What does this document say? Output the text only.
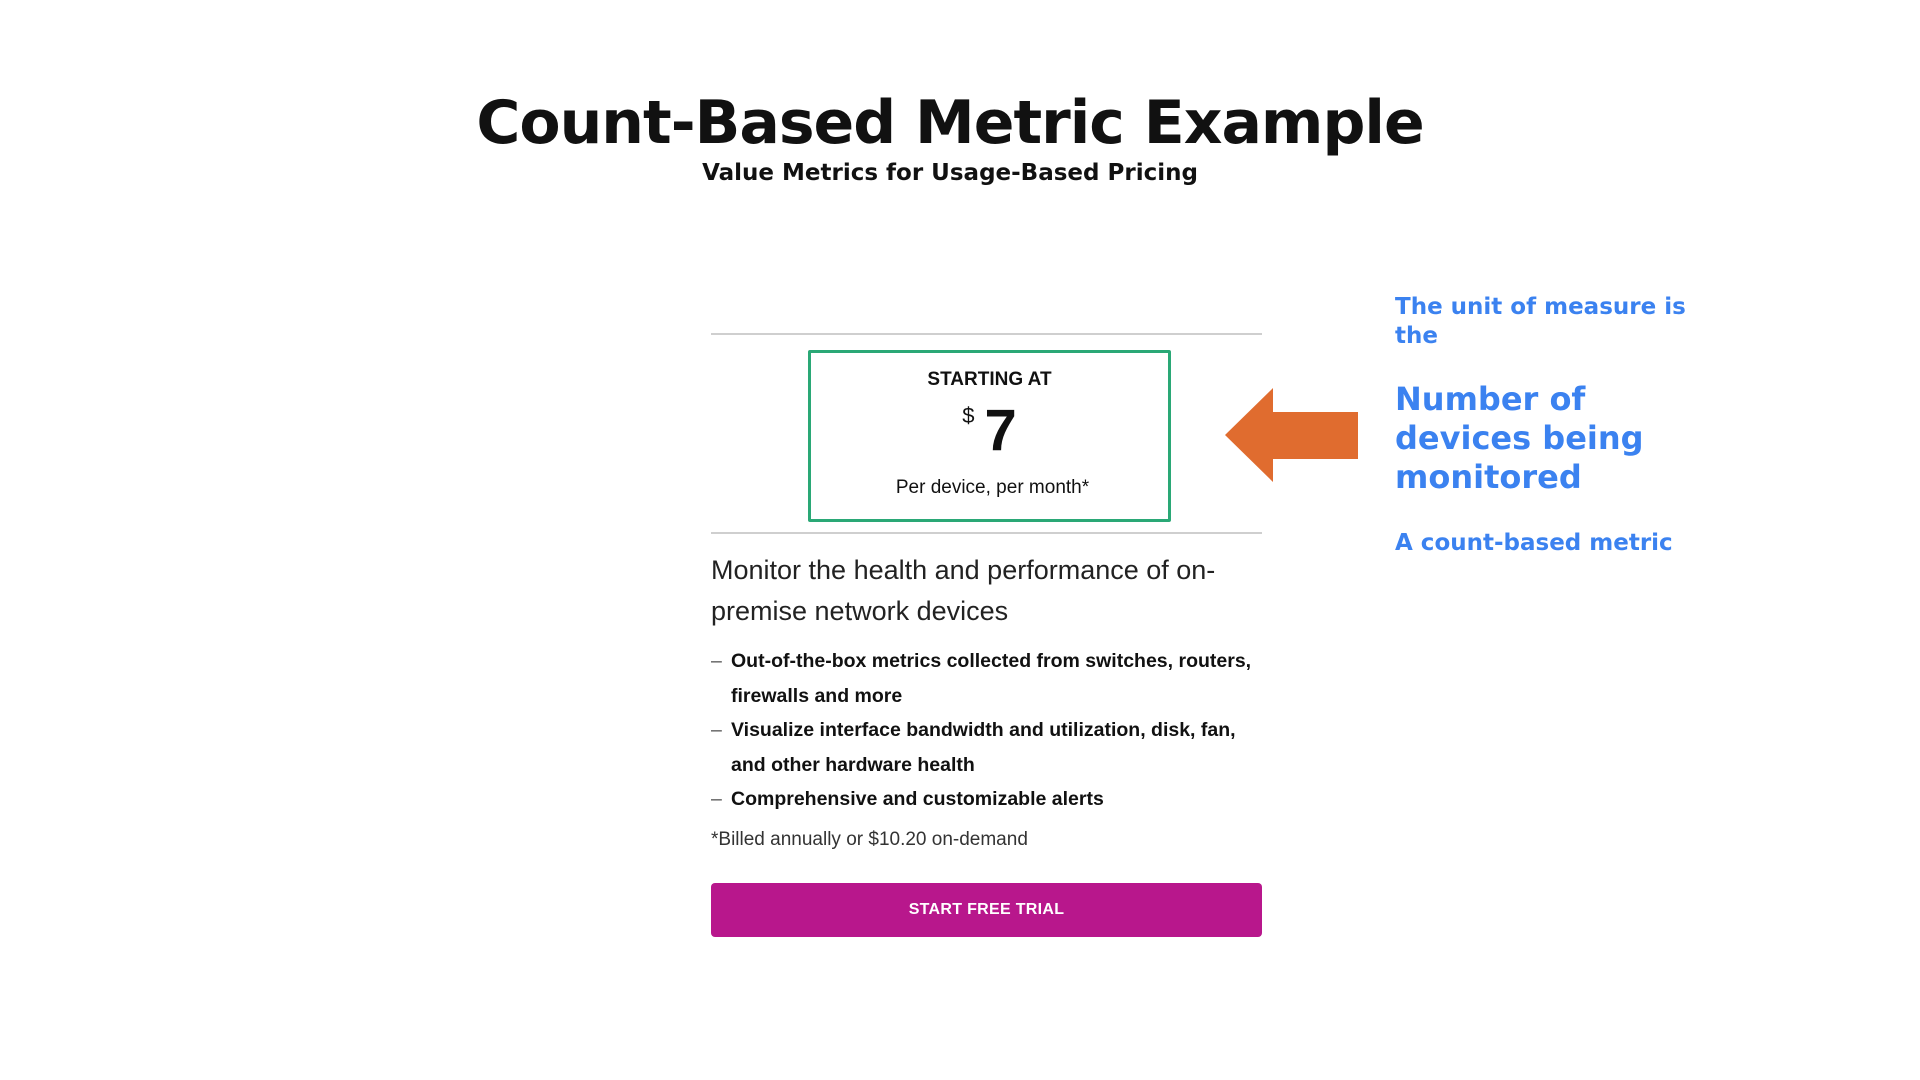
Count-Based Metric Example
Value Metrics for Usage-Based Pricing
STARTING AT
$ 7
Per device, per month*
Monitor the health and performance of on-premise network devices
– Out-of-the-box metrics collected from switches, routers, firewalls and more
– Visualize interface bandwidth and utilization, disk, fan, and other hardware health
– Comprehensive and customizable alerts
*Billed annually or $10.20 on-demand
START FREE TRIAL
The unit of measure is the
Number of devices being monitored
A count-based metric
